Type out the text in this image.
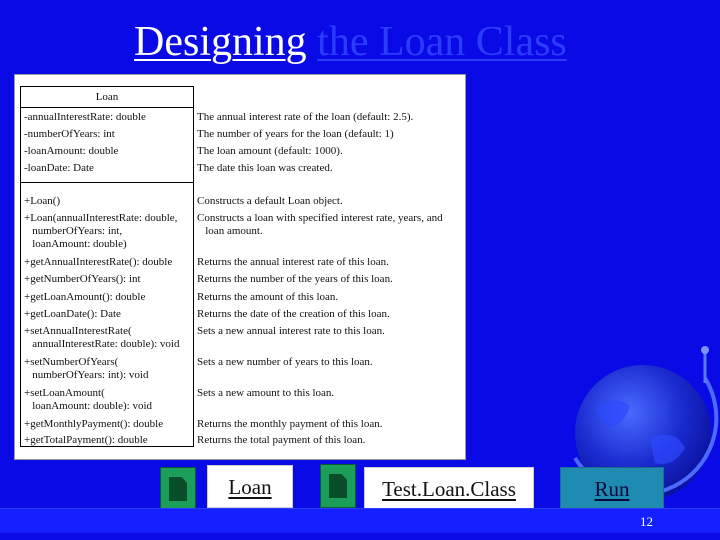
Designing the Loan Class
Loan
-annualInterestRate: double
-numberOfYears: int
-loanAmount: double
-loanDate: Date
+Loan()
+Loan(annualInterestRate: double,
numberOfYears: int,
loanAmount: double)
+getAnnualInterestRate(): double
+getNumberOfYears(): int
+getLoanAmount(): double
+getLoanDate(): Date
+setAnnualInterestRate(
annualInterestRate: double): void
+setNumberOfYears(
numberOfYears: int): void
+setLoanAmount(
loanAmount: double): void
+getMonthlyPayment(): double
+getTotalPayment(): double
The annual interest rate of the loan (default: 2.5).
The number of years for the loan (default: 1)
The loan amount (default: 1000).
The date this loan was created.
Constructs a default Loan object.
Constructs a loan with specified interest rate, years, and
loan amount.
Returns the annual interest rate of this loan.
Returns the number of the years of this loan.
Returns the amount of this loan.
Returns the date of the creation of this loan.
Sets a new annual interest rate to this loan.
Sets a new number of years to this loan.
Sets a new amount to this loan.
Returns the monthly payment of this loan.
Returns the total payment of this loan.
Loan	Test.Loan.Class	Run
12
